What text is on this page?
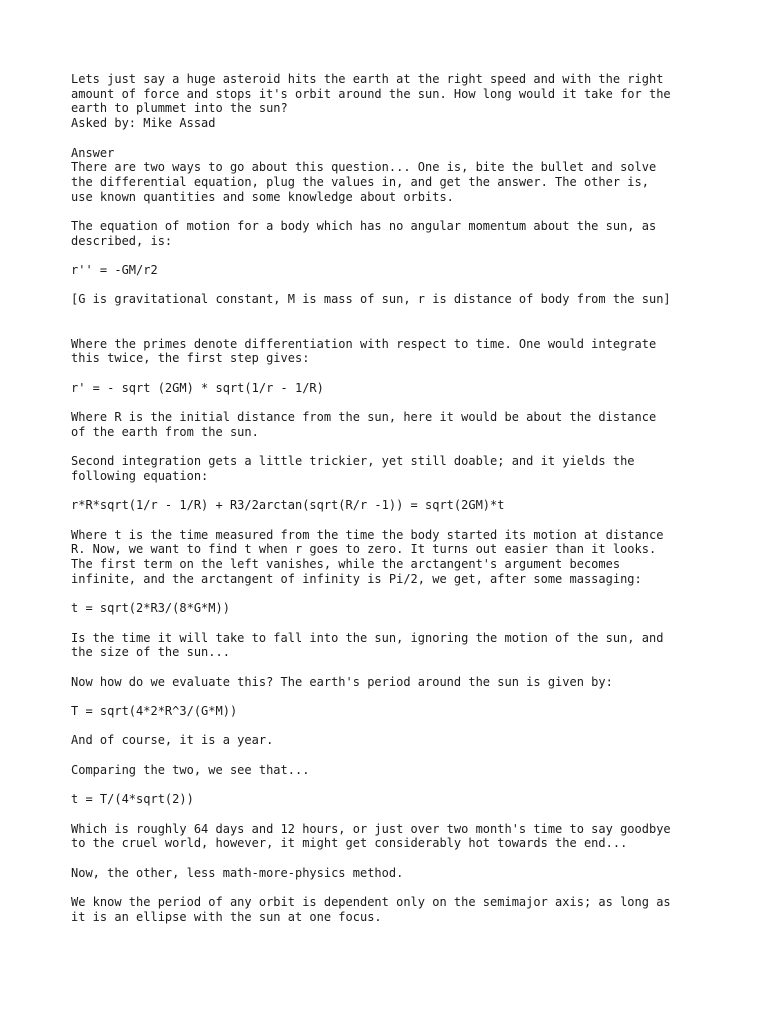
Lets just say a huge asteroid hits the earth at the right speed and with the right
amount of force and stops it's orbit around the sun. How long would it take for the
earth to plummet into the sun?
Asked by: Mike Assad
Answer
There are two ways to go about this question... One is, bite the bullet and solve
the differential equation, plug the values in, and get the answer. The other is,
use known quantities and some knowledge about orbits.
The equation of motion for a body which has no angular momentum about the sun, as
described, is:
r'' = -GM/r2
[G is gravitational constant, M is mass of sun, r is distance of body from the sun]
Where the primes denote differentiation with respect to time. One would integrate
this twice, the first step gives:
r' = - sqrt (2GM) * sqrt(1/r - 1/R)
Where R is the initial distance from the sun, here it would be about the distance
of the earth from the sun.
Second integration gets a little trickier, yet still doable; and it yields the
following equation:
r*R*sqrt(1/r - 1/R) + R3/2arctan(sqrt(R/r -1)) = sqrt(2GM)*t
Where t is the time measured from the time the body started its motion at distance
R. Now, we want to find t when r goes to zero. It turns out easier than it looks.
The first term on the left vanishes, while the arctangent's argument becomes
infinite, and the arctangent of infinity is Pi/2, we get, after some massaging:
t = sqrt(2*R3/(8*G*M))
Is the time it will take to fall into the sun, ignoring the motion of the sun, and
the size of the sun...
Now how do we evaluate this? The earth's period around the sun is given by:
T = sqrt(4*2*R^3/(G*M))
And of course, it is a year.
Comparing the two, we see that...
t = T/(4*sqrt(2))
Which is roughly 64 days and 12 hours, or just over two month's time to say goodbye
to the cruel world, however, it might get considerably hot towards the end...
Now, the other, less math-more-physics method.
We know the period of any orbit is dependent only on the semimajor axis; as long as
it is an ellipse with the sun at one focus.
